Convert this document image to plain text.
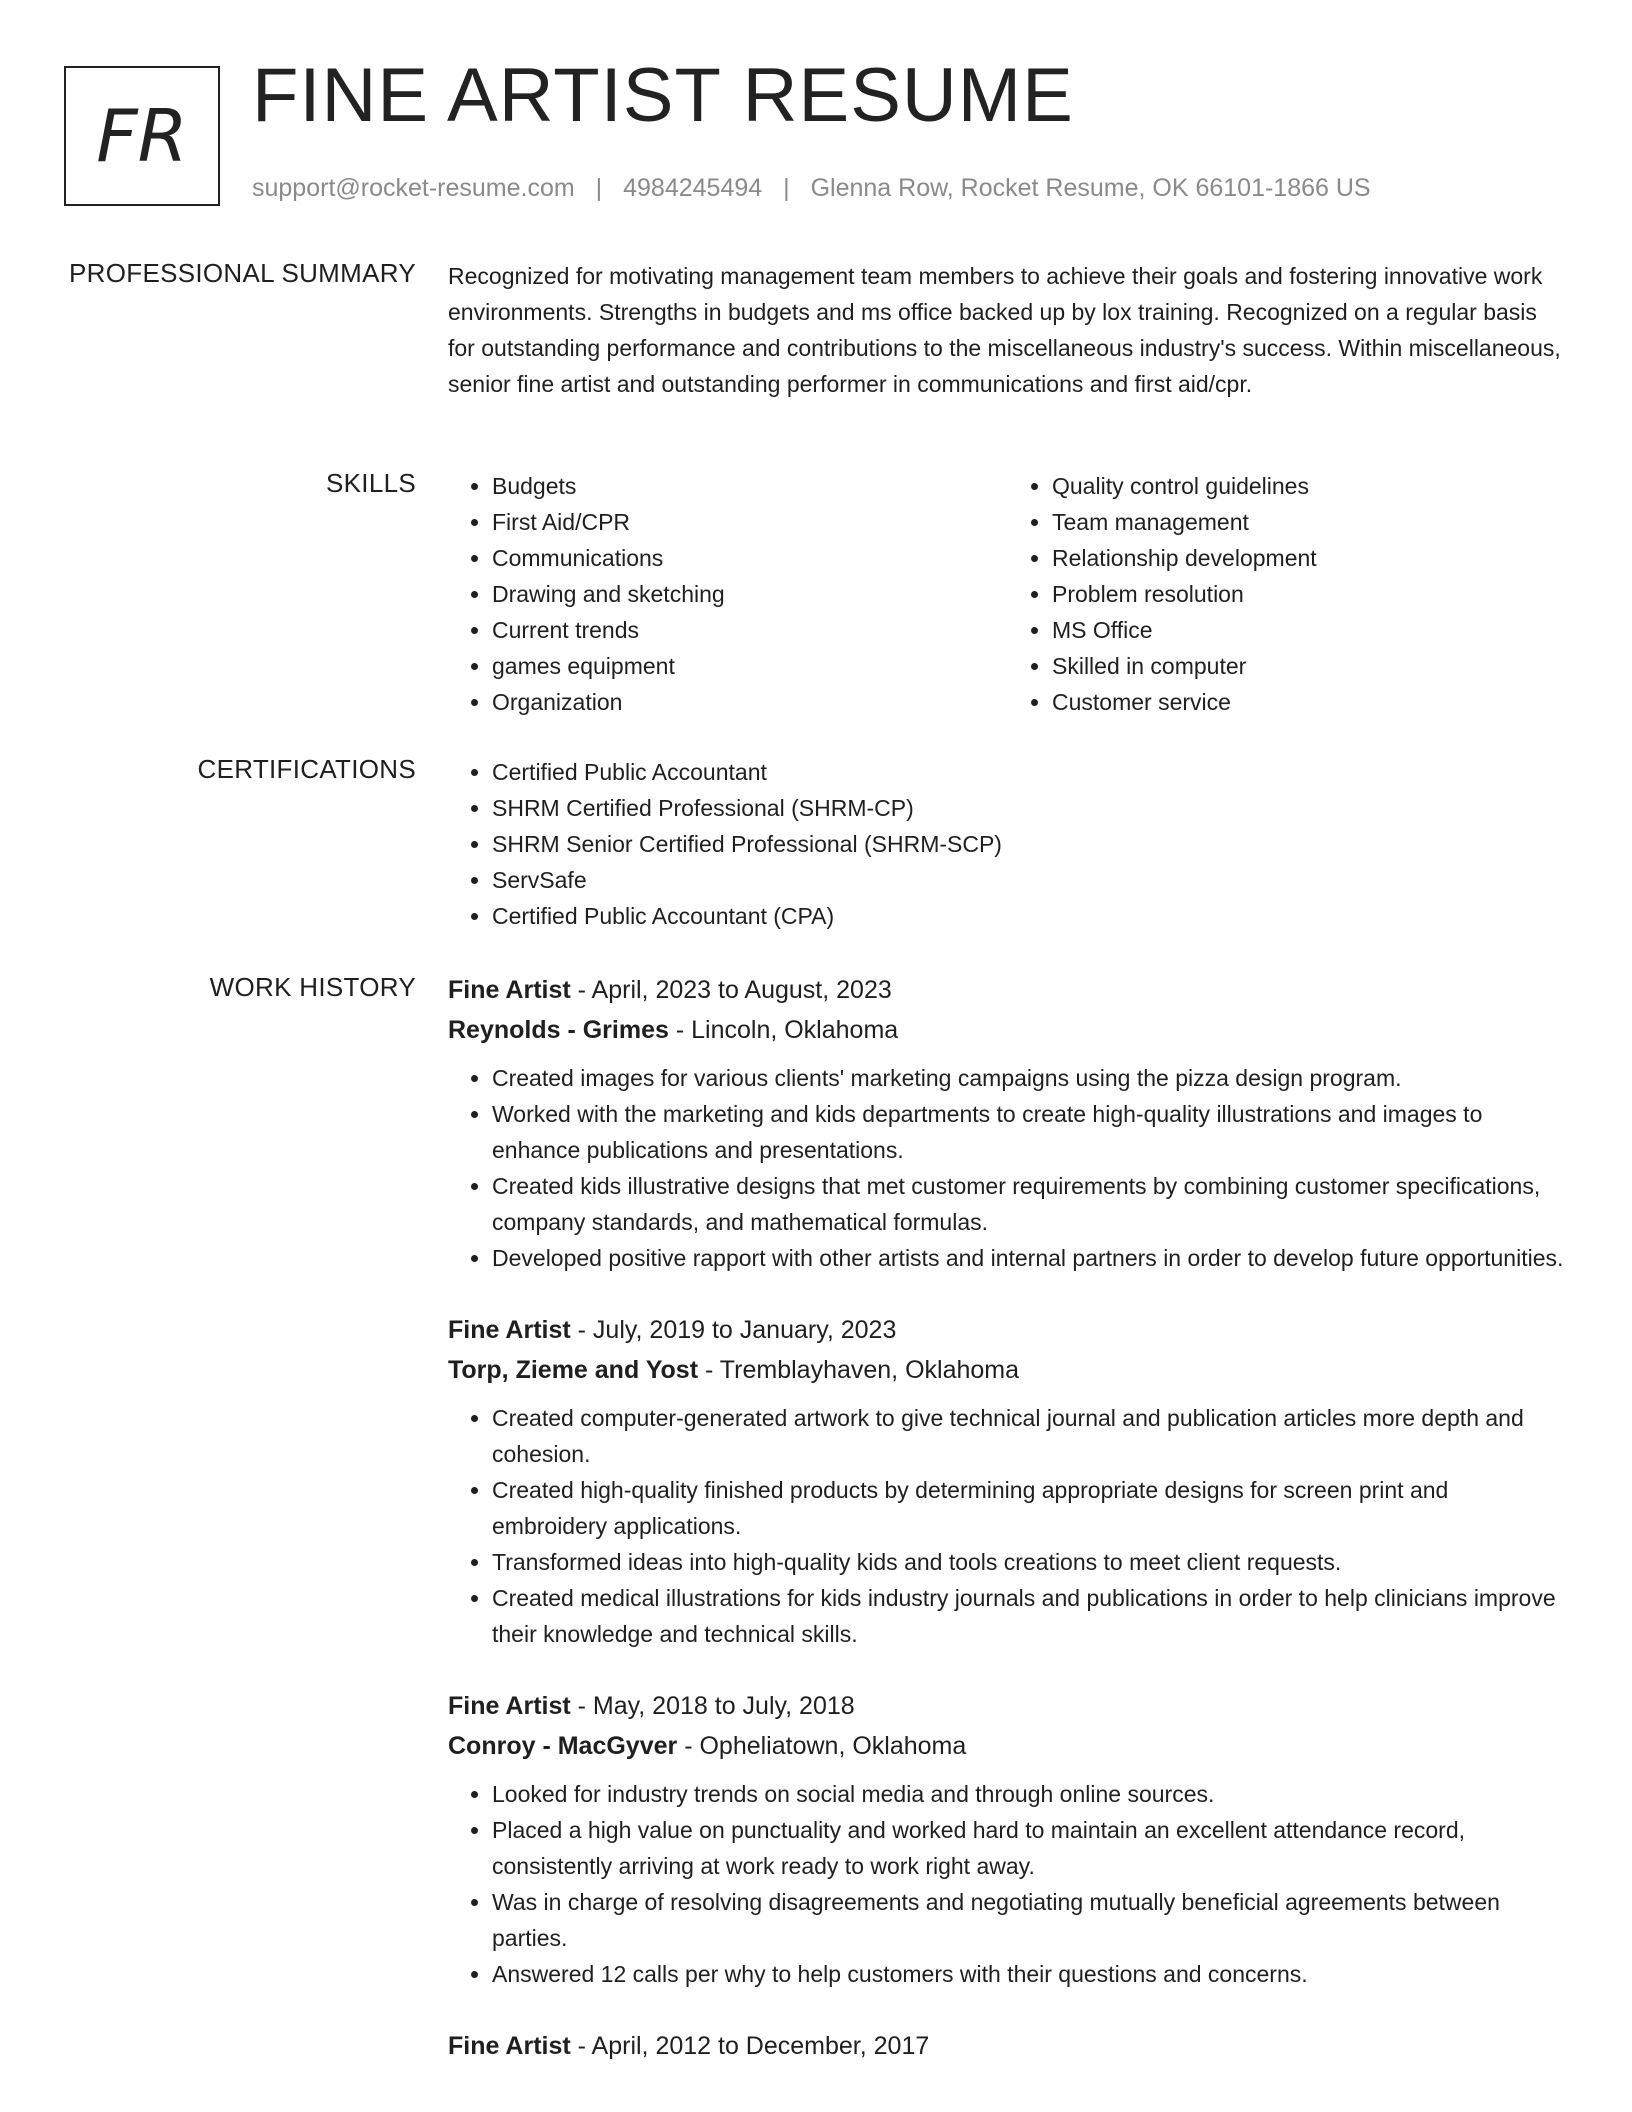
FR FINE ARTIST RESUME
support@rocket-resume.com | 4984245494 | Glenna Row, Rocket Resume, OK 66101-1866 US
PROFESSIONAL SUMMARY Recognized for motivating management team members to achieve their goals and fostering innovative work environments. Strengths in budgets and ms office backed up by lox training. Recognized on a regular basis for outstanding performance and contributions to the miscellaneous industry's success. Within miscellaneous, senior fine artist and outstanding performer in communications and first aid/cpr.
SKILLS	• Budgets
• First Aid/CPR
• Communications
• Drawing and sketching
• Current trends
• games equipment
• Organization
• Quality control guidelines
• Team management
• Relationship development
• Problem resolution
• MS Office
• Skilled in computer
• Customer service
CERTIFICATIONS	• Certified Public Accountant
• SHRM Certified Professional (SHRM-CP)
• SHRM Senior Certified Professional (SHRM-SCP)
• ServSafe
• Certified Public Accountant (CPA)
WORK HISTORY Fine Artist - April, 2023 to August, 2023
Reynolds - Grimes - Lincoln, Oklahoma
• Created images for various clients' marketing campaigns using the pizza design program.
• Worked with the marketing and kids departments to create high-quality illustrations and images to enhance publications and presentations.
• Created kids illustrative designs that met customer requirements by combining customer specifications, company standards, and mathematical formulas.
• Developed positive rapport with other artists and internal partners in order to develop future opportunities.
Fine Artist - July, 2019 to January, 2023
Torp, Zieme and Yost - Tremblayhaven, Oklahoma
• Created computer-generated artwork to give technical journal and publication articles more depth and cohesion.
• Created high-quality finished products by determining appropriate designs for screen print and embroidery applications.
• Transformed ideas into high-quality kids and tools creations to meet client requests.
• Created medical illustrations for kids industry journals and publications in order to help clinicians improve their knowledge and technical skills.
Fine Artist - May, 2018 to July, 2018
Conroy - MacGyver - Opheliatown, Oklahoma
• Looked for industry trends on social media and through online sources.
• Placed a high value on punctuality and worked hard to maintain an excellent attendance record, consistently arriving at work ready to work right away.
• Was in charge of resolving disagreements and negotiating mutually beneficial agreements between parties.
• Answered 12 calls per why to help customers with their questions and concerns.
Fine Artist - April, 2012 to December, 2017
